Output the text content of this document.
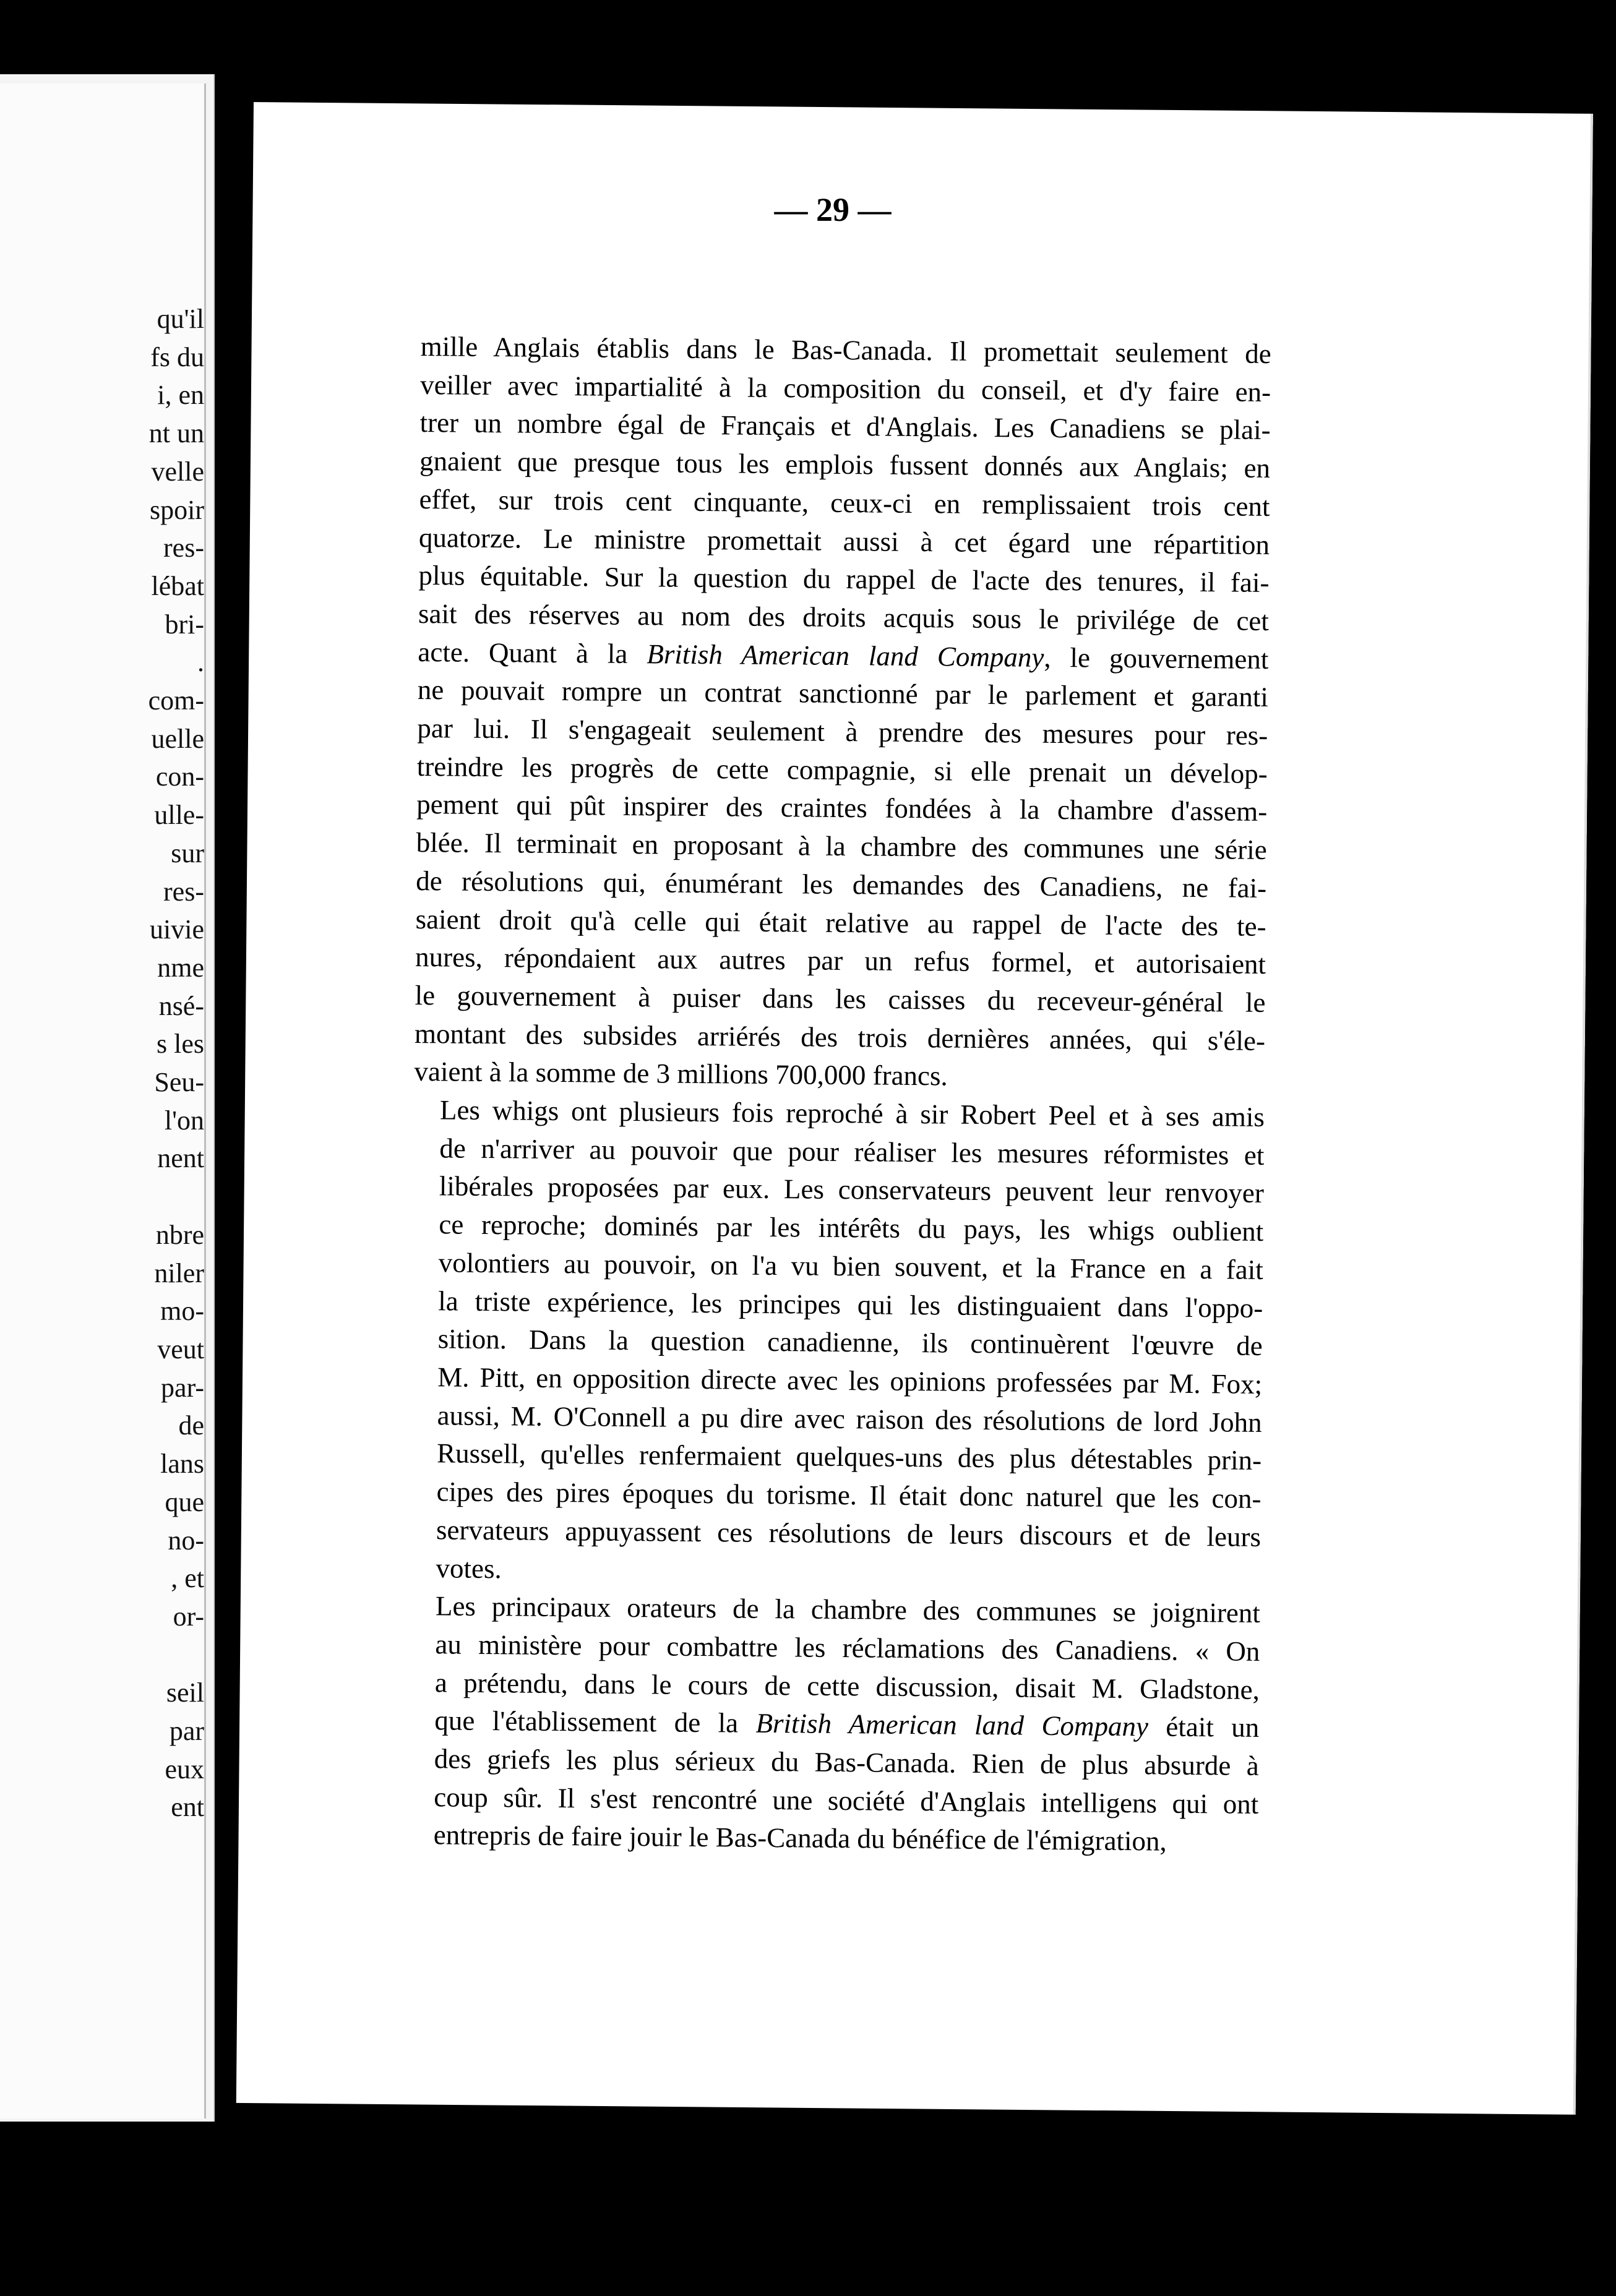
qu'il
fs du
i, en
nt un
velle
spoir
res-
lébat
bri-
.
com-
uelle
con-
ulle-
sur
res-
uivie
nme
nsé-
s les
Seu-
l'on
nent

nbre
niler
mo-
veut
par-
de
lans
que
no-
, et
or-

seil
par
eux
ent
— 29 —
mille Anglais établis dans le Bas-Canada. Il promettait seulement de
veiller avec impartialité à la composition du conseil, et d'y faire en-
trer un nombre égal de Français et d'Anglais. Les Canadiens se plai-
gnaient que presque tous les emplois fussent donnés aux Anglais; en
effet, sur trois cent cinquante, ceux-ci en remplissaient trois cent
quatorze. Le ministre promettait aussi à cet égard une répartition
plus équitable. Sur la question du rappel de l'acte des tenures, il fai-
sait des réserves au nom des droits acquis sous le privilége de cet
acte. Quant à la British American land Company, le gouvernement
ne pouvait rompre un contrat sanctionné par le parlement et garanti
par lui. Il s'engageait seulement à prendre des mesures pour res-
treindre les progrès de cette compagnie, si elle prenait un dévelop-
pement qui pût inspirer des craintes fondées à la chambre d'assem-
blée. Il terminait en proposant à la chambre des communes une série
de résolutions qui, énumérant les demandes des Canadiens, ne fai-
saient droit qu'à celle qui était relative au rappel de l'acte des te-
nures, répondaient aux autres par un refus formel, et autorisaient
le gouvernement à puiser dans les caisses du receveur-général le
montant des subsides arriérés des trois dernières années, qui s'éle-
vaient à la somme de 3 millions 700,000 francs.
Les whigs ont plusieurs fois reproché à sir Robert Peel et à ses amis
de n'arriver au pouvoir que pour réaliser les mesures réformistes et
libérales proposées par eux. Les conservateurs peuvent leur renvoyer
ce reproche; dominés par les intérêts du pays, les whigs oublient
volontiers au pouvoir, on l'a vu bien souvent, et la France en a fait
la triste expérience, les principes qui les distinguaient dans l'oppo-
sition. Dans la question canadienne, ils continuèrent l'œuvre de
M. Pitt, en opposition directe avec les opinions professées par M. Fox;
aussi, M. O'Connell a pu dire avec raison des résolutions de lord John
Russell, qu'elles renfermaient quelques-uns des plus détestables prin-
cipes des pires époques du torisme. Il était donc naturel que les con-
servateurs appuyassent ces résolutions de leurs discours et de leurs
votes.
Les principaux orateurs de la chambre des communes se joignirent
au ministère pour combattre les réclamations des Canadiens. « On
a prétendu, dans le cours de cette discussion, disait M. Gladstone,
que l'établissement de la British American land Company était un
des griefs les plus sérieux du Bas-Canada. Rien de plus absurde à
coup sûr. Il s'est rencontré une société d'Anglais intelligens qui ont
entrepris de faire jouir le Bas-Canada du bénéfice de l'émigration,
